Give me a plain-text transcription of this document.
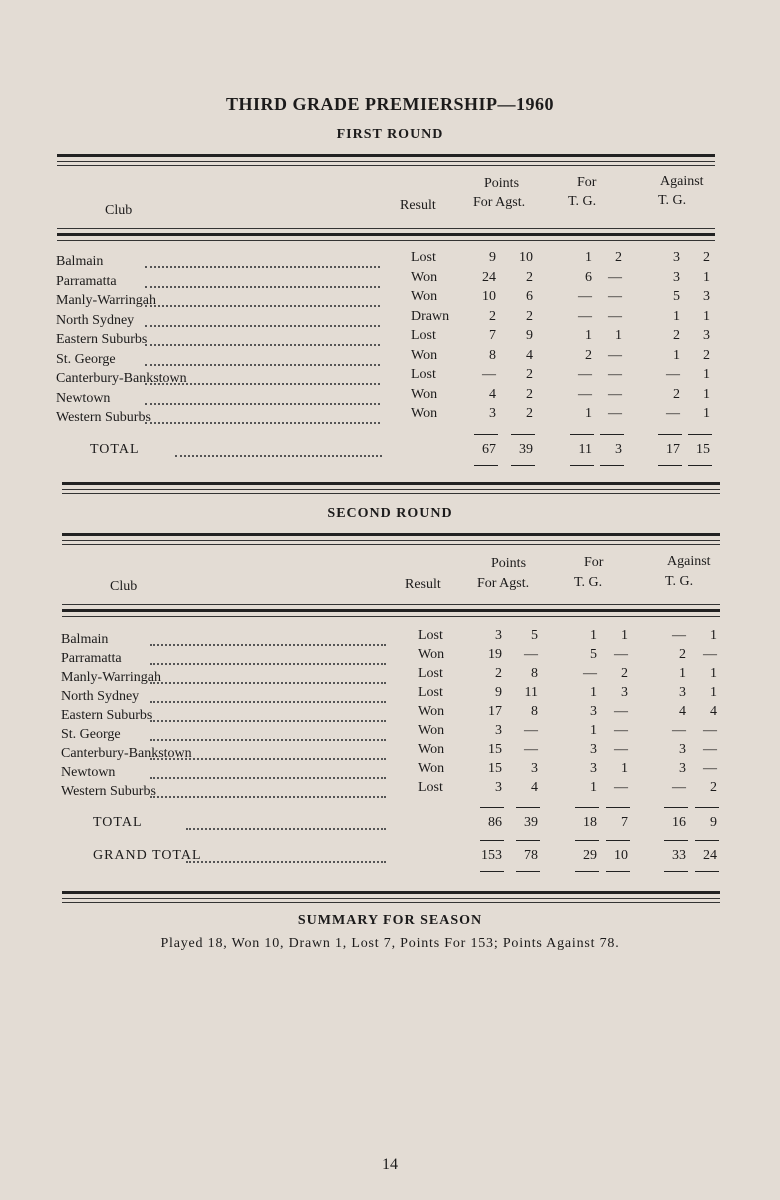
THIRD GRADE PREMIERSHIP—1960
FIRST ROUND
Club	Result
Points
For Agst.
For
T. G.
Against
T. G.
Balmain	Lost	9	10	1	2	3	2
Parramatta	Won	24	2	6	—	3	1
Manly-Warringah	Won	10	6	—	—	5	3
North Sydney	Drawn	2	2	—	—	1	1
Eastern Suburbs	Lost	7	9	1	1	2	3
St. George	Won	8	4	2	—	1	2
Canterbury-Bankstown	Lost	—	2	—	—	—	1
Newtown	Won	4	2	—	—	2	1
Western Suburbs	Won	3	2	1	—	—	1
TOTAL	67	39	11	3	17	15
SECOND ROUND
Club	Result
Points
For Agst.
For
T. G.
Against
T. G.
Balmain	Lost	3	5	1	1	—	1
Parramatta	Won	19	—	5	—	2	—
Manly-Warringah	Lost	2	8	—	2	1	1
North Sydney	Lost	9	11	1	3	3	1
Eastern Suburbs	Won	17	8	3	—	4	4
St. George	Won	3	—	1	—	—	—
Canterbury-Bankstown	Won	15	—	3	—	3	—
Newtown	Won	15	3	3	1	3	—
Western Suburbs	Lost	3	4	1	—	—	2
TOTAL	86	39	18	7	16	9
GRAND TOTAL	153	78	29	10	33	24
SUMMARY FOR SEASON
Played 18, Won 10, Drawn 1, Lost 7, Points For 153; Points Against 78.
14
